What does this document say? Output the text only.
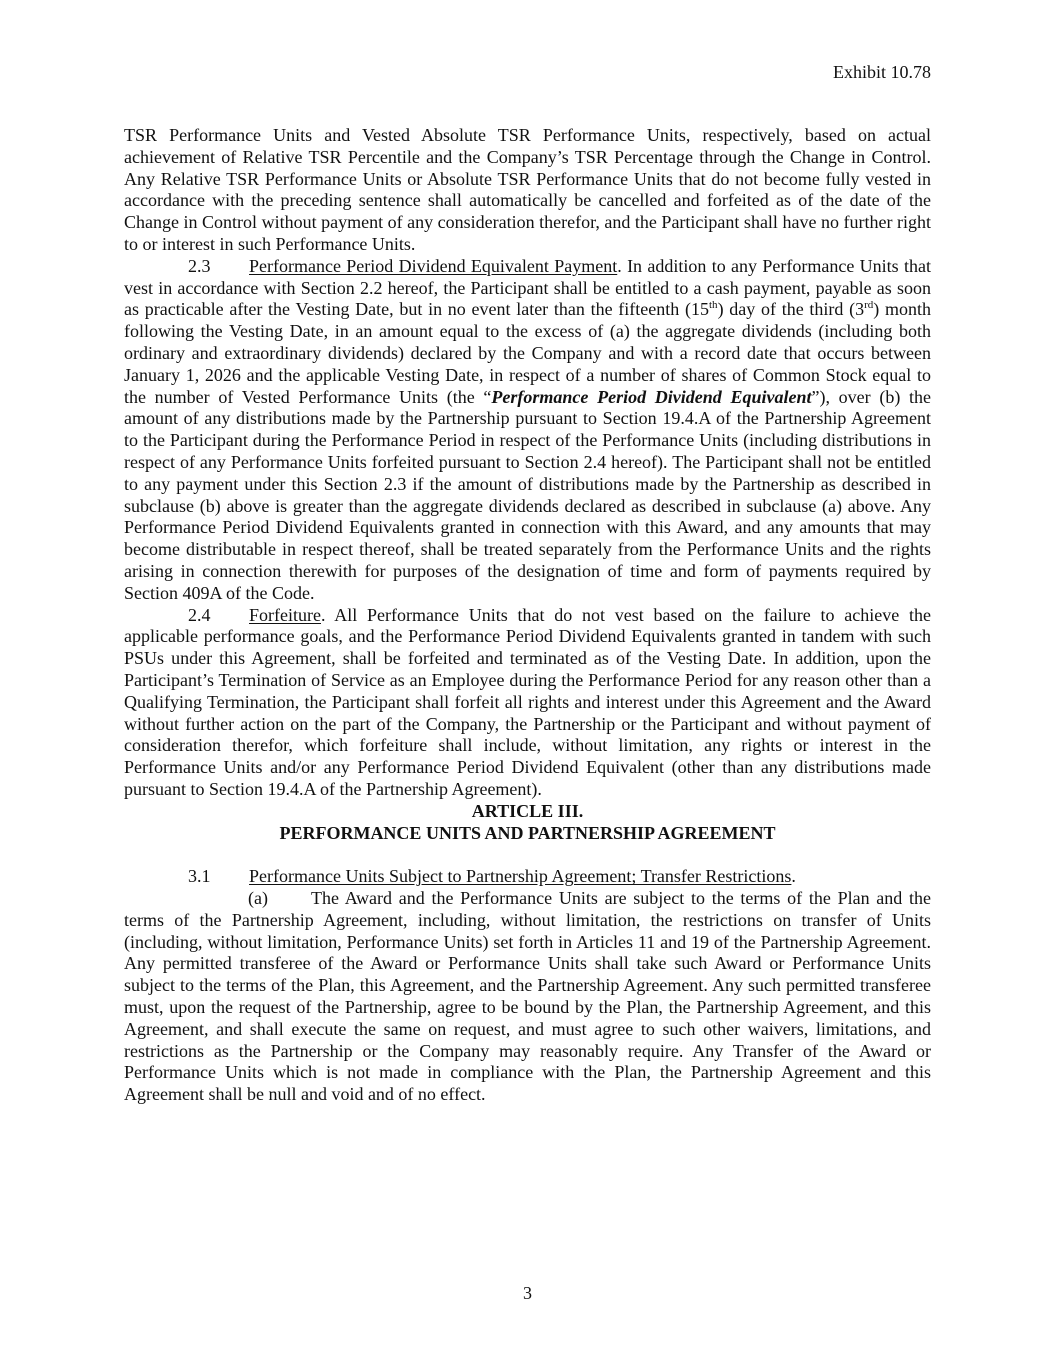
Exhibit 10.78

TSR Performance Units and Vested Absolute TSR Performance Units, respectively, based on actual achievement of Relative TSR Percentile and the Company’s TSR Percentage through the Change in Control. Any Relative TSR Performance Units or Absolute TSR Performance Units that do not become fully vested in accordance with the preceding sentence shall automatically be cancelled and forfeited as of the date of the Change in Control without payment of any consideration therefor, and the Participant shall have no further right to or interest in such Performance Units.

2.3 Performance Period Dividend Equivalent Payment. In addition to any Performance Units that vest in accordance with Section 2.2 hereof, the Participant shall be entitled to a cash payment, payable as soon as practicable after the Vesting Date, but in no event later than the fifteenth (15th) day of the third (3rd) month following the Vesting Date, in an amount equal to the excess of (a) the aggregate dividends (including both ordinary and extraordinary dividends) declared by the Company and with a record date that occurs between January 1, 2026 and the applicable Vesting Date, in respect of a number of shares of Common Stock equal to the number of Vested Performance Units (the “Performance Period Dividend Equivalent”), over (b) the amount of any distributions made by the Partnership pursuant to Section 19.4.A of the Partnership Agreement to the Participant during the Performance Period in respect of the Performance Units (including distributions in respect of any Performance Units forfeited pursuant to Section 2.4 hereof). The Participant shall not be entitled to any payment under this Section 2.3 if the amount of distributions made by the Partnership as described in subclause (b) above is greater than the aggregate dividends declared as described in subclause (a) above. Any Performance Period Dividend Equivalents granted in connection with this Award, and any amounts that may become distributable in respect thereof, shall be treated separately from the Performance Units and the rights arising in connection therewith for purposes of the designation of time and form of payments required by Section 409A of the Code.

2.4 Forfeiture. All Performance Units that do not vest based on the failure to achieve the applicable performance goals, and the Performance Period Dividend Equivalents granted in tandem with such PSUs under this Agreement, shall be forfeited and terminated as of the Vesting Date. In addition, upon the Participant’s Termination of Service as an Employee during the Performance Period for any reason other than a Qualifying Termination, the Participant shall forfeit all rights and interest under this Agreement and the Award without further action on the part of the Company, the Partnership or the Participant and without payment of consideration therefor, which forfeiture shall include, without limitation, any rights or interest in the Performance Units and/or any Performance Period Dividend Equivalent (other than any distributions made pursuant to Section 19.4.A of the Partnership Agreement).

ARTICLE III.

PERFORMANCE UNITS AND PARTNERSHIP AGREEMENT

3.1 Performance Units Subject to Partnership Agreement; Transfer Restrictions.

(a) The Award and the Performance Units are subject to the terms of the Plan and the terms of the Partnership Agreement, including, without limitation, the restrictions on transfer of Units (including, without limitation, Performance Units) set forth in Articles 11 and 19 of the Partnership Agreement. Any permitted transferee of the Award or Performance Units shall take such Award or Performance Units subject to the terms of the Plan, this Agreement, and the Partnership Agreement. Any such permitted transferee must, upon the request of the Partnership, agree to be bound by the Plan, the Partnership Agreement, and this Agreement, and shall execute the same on request, and must agree to such other waivers, limitations, and restrictions as the Partnership or the Company may reasonably require. Any Transfer of the Award or Performance Units which is not made in compliance with the Plan, the Partnership Agreement and this Agreement shall be null and void and of no effect.

3
